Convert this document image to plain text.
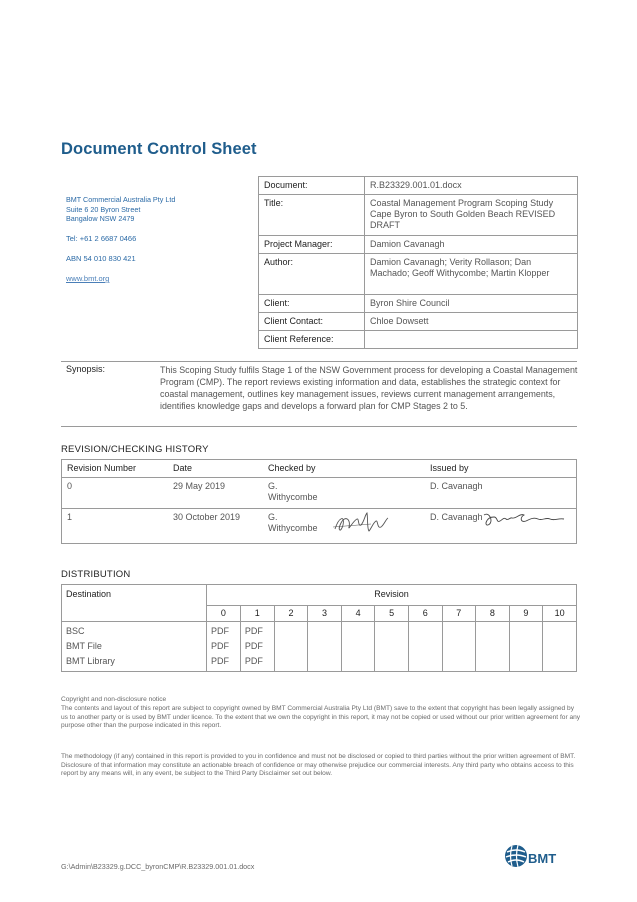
Document Control Sheet
BMT Commercial Australia Pty Ltd
Suite 6 20 Byron Street
Bangalow NSW 2479
Tel: +61 2 6687 0466
ABN 54 010 830 421
www.bmt.org
Document:	R.B23329.001.01.docx
Title:	Coastal Management Program Scoping Study Cape Byron to South Golden Beach REVISED DRAFT
Project Manager:	Damion Cavanagh
Author:	Damion Cavanagh; Verity Rollason; Dan Machado; Geoff Withycombe; Martin Klopper
Client:	Byron Shire Council
Client Contact:	Chloe Dowsett
Client Reference:	
Synopsis:	This Scoping Study fulfils Stage 1 of the NSW Government process for developing a Coastal Management Program (CMP). The report reviews existing information and data, establishes the strategic context for coastal management, outlines key management issues, reviews current management arrangements, identifies knowledge gaps and develops a forward plan for CMP Stages 2 to 5.
REVISION/CHECKING HISTORY
Revision Number	Date	Checked by	Issued by
0	29 May 2019	G. Withycombe	D. Cavanagh

1	30 October 2019	G. Withycombe	D. Cavanagh
DISTRIBUTION
Destination	Revision										
	0	1	2	3	4	5	6	7	8	9	10
BSC	PDF	PDF									
BMT File	PDF	PDF									
BMT Library	PDF	PDF									
Copyright and non-disclosure notice
The contents and layout of this report are subject to copyright owned by BMT Commercial Australia Pty Ltd (BMT) save to the extent that copyright has been legally assigned by us to another party or is used by BMT under licence. To the extent that we own the copyright in this report, it may not be copied or used without our prior written agreement for any purpose other than the purpose indicated in this report.
The methodology (if any) contained in this report is provided to you in confidence and must not be disclosed or copied to third parties without the prior written agreement of BMT. Disclosure of that information may constitute an actionable breach of confidence or may otherwise prejudice our commercial interests. Any third party who obtains access to this report by any means will, in any event, be subject to the Third Party Disclaimer set out below.
G:\Admin\B23329.g.DCC_byronCMP\R.B23329.001.01.docx
BMT
